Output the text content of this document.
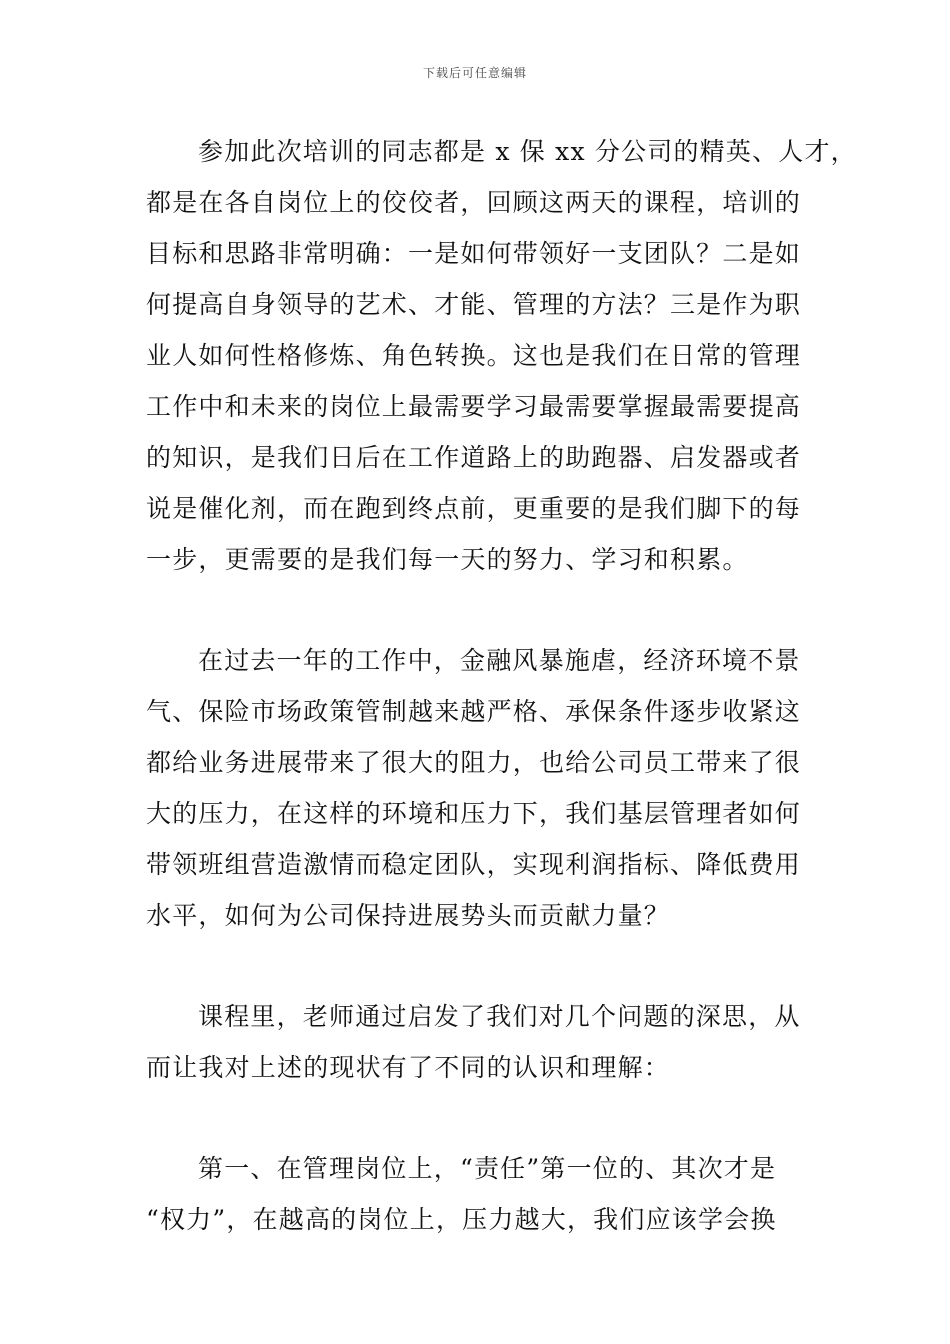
下载后可任意编辑

参加此次培训的同志都是 x 保 xx 分公司的精英、人才，
都是在各自岗位上的佼佼者，回顾这两天的课程，培训的
目标和思路非常明确：一是如何带领好一支团队？二是如
何提高自身领导的艺术、才能、管理的方法？三是作为职
业人如何性格修炼、角色转换。这也是我们在日常的管理
工作中和未来的岗位上最需要学习最需要掌握最需要提高
的知识，是我们日后在工作道路上的助跑器、启发器或者
说是催化剂，而在跑到终点前，更重要的是我们脚下的每
一步，更需要的是我们每一天的努力、学习和积累。

在过去一年的工作中，金融风暴施虐，经济环境不景
气、保险市场政策管制越来越严格、承保条件逐步收紧这
都给业务进展带来了很大的阻力，也给公司员工带来了很
大的压力，在这样的环境和压力下，我们基层管理者如何
带领班组营造激情而稳定团队，实现利润指标、降低费用
水平，如何为公司保持进展势头而贡献力量？

课程里，老师通过启发了我们对几个问题的深思，从
而让我对上述的现状有了不同的认识和理解：

第一、在管理岗位上，“责任”第一位的、其次才是
“权力”，在越高的岗位上，压力越大，我们应该学会换
